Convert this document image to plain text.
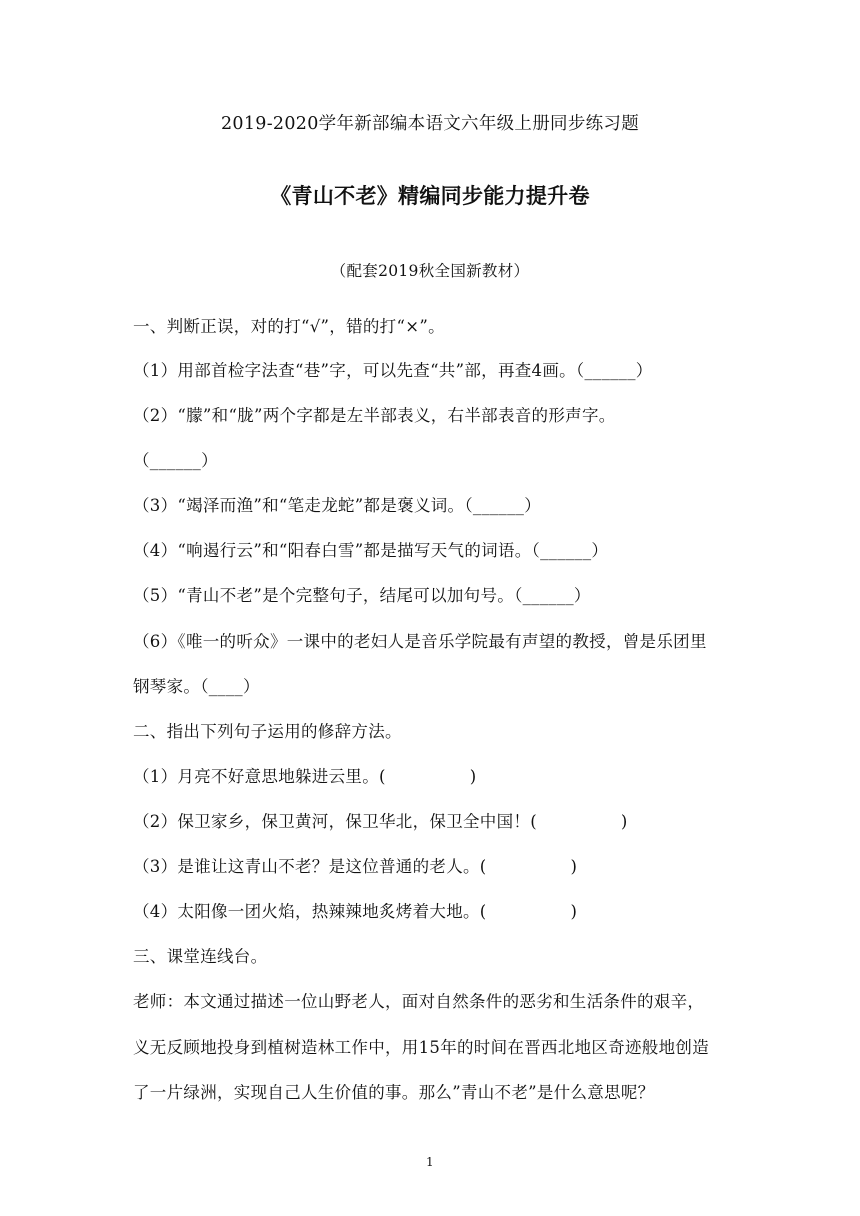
2019-2020学年新部编本语文六年级上册同步练习题
《青山不老》精编同步能力提升卷
（配套2019秋全国新教材）
一、判断正误，对的打“√”，错的打“×”。
（1）用部首检字法查“巷”字，可以先查“共”部，再查4画。（______）
（2）“朦”和“胧”两个字都是左半部表义，右半部表音的形声字。
（______）
（3）“竭泽而渔”和“笔走龙蛇”都是褒义词。（______）
（4）“响遏行云”和“阳春白雪”都是描写天气的词语。（______）
（5）“青山不老”是个完整句子，结尾可以加句号。（______）
（6）《唯一的听众》一课中的老妇人是音乐学院最有声望的教授，曾是乐团里
钢琴家。（____）
二、指出下列句子运用的修辞方法。
（1）月亮不好意思地躲进云里。(　　　　　)
（2）保卫家乡，保卫黄河，保卫华北，保卫全中国！(　　　　　)
（3）是谁让这青山不老？是这位普通的老人。(　　　　　)
（4）太阳像一团火焰，热辣辣地炙烤着大地。(　　　　　)
三、课堂连线台。
老师：本文通过描述一位山野老人，面对自然条件的恶劣和生活条件的艰辛，
义无反顾地投身到植树造林工作中，用15年的时间在晋西北地区奇迹般地创造
了一片绿洲，实现自己人生价值的事。那么”青山不老”是什么意思呢？
1
